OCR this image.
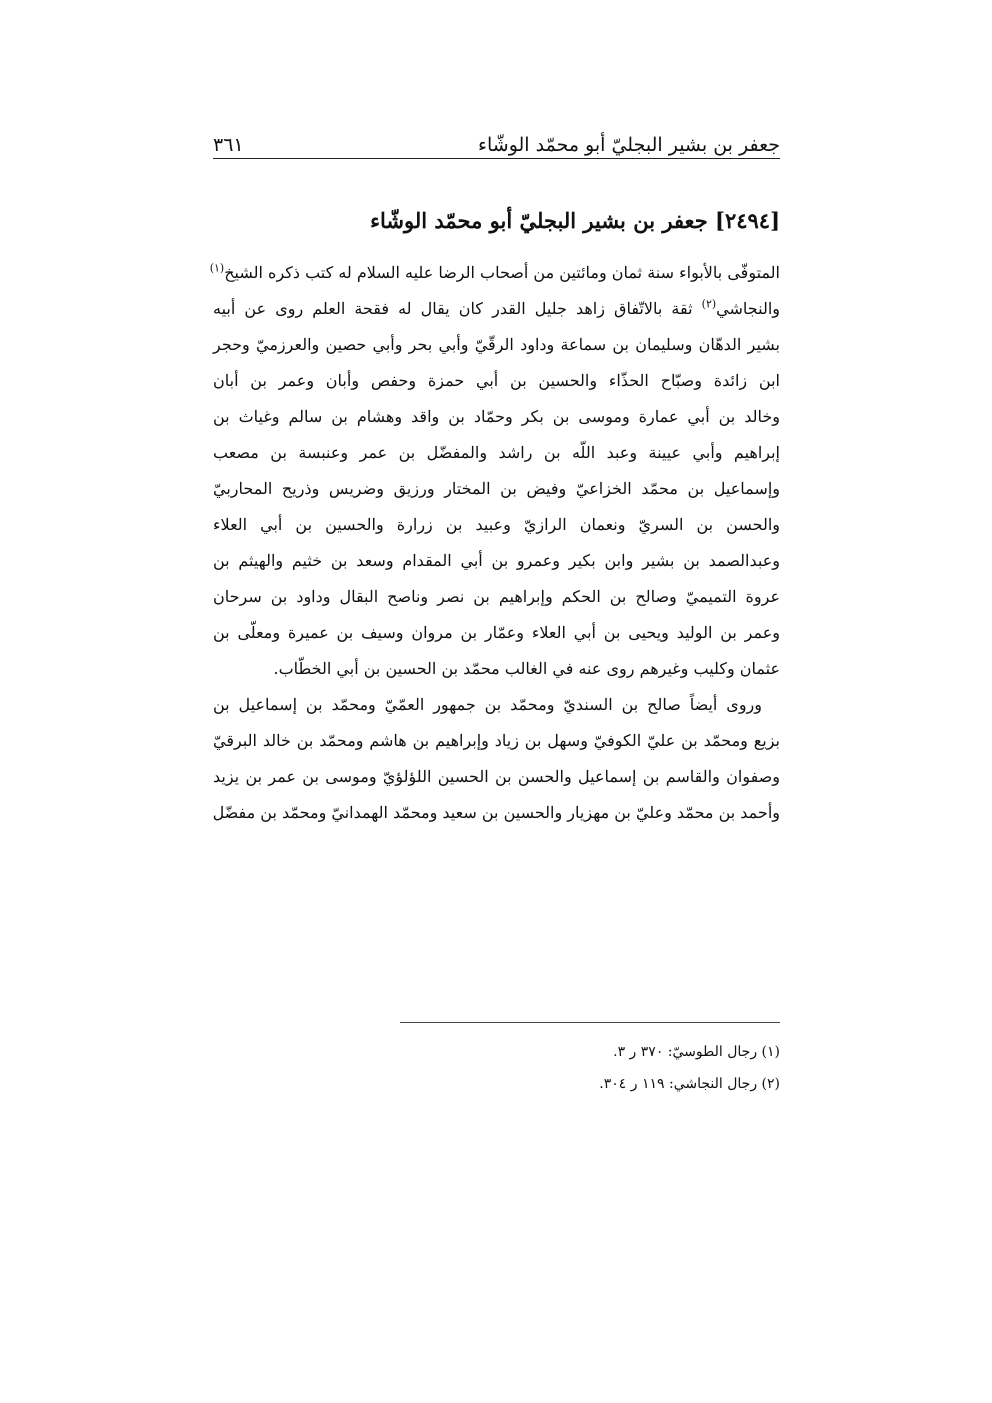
جعفر بن بشير البجليّ أبو محمّد الوشّاء
٣٦١
[٢٤٩٤] جعفر بن بشير البجليّ أبو محمّد الوشّاء
المتوفّى بالأبواء سنة ثمان ومائتين من أصحاب الرضا عليه السلام له كتب ذكره الشيخ$^{(١)}$
والنجاشي$^{(٢)}$ ثقة بالاتّفاق زاهد جليل القدر كان يقال له فقحة العلم روى عن أبيه
بشير الدهّان وسليمان بن سماعة وداود الرقّيّ وأبي بحر وأبي حصين والعرزميّ وحجر
ابن زائدة وصبّاح الحذّاء والحسين بن أبي حمزة وحفص وأبان وعمر بن أبان
وخالد بن أبي عمارة وموسى بن بكر وحمّاد بن واقد وهشام بن سالم وغياث بن
إبراهيم وأبي عيينة وعبد اللّه بن راشد والمفضّل بن عمر وعنبسة بن مصعب
وإسماعيل بن محمّد الخزاعيّ وفيض بن المختار ورزيق وضريس وذريح المحاربيّ
والحسن بن السريّ ونعمان الرازيّ وعبيد بن زرارة والحسين بن أبي العلاء
وعبدالصمد بن بشير وابن بكير وعمرو بن أبي المقدام وسعد بن خثيم والهيثم بن
عروة التميميّ وصالح بن الحكم وإبراهيم بن نصر وناصح البقال وداود بن سرحان
وعمر بن الوليد ويحيى بن أبي العلاء وعمّار بن مروان وسيف بن عميرة ومعلّى بن
عثمان وكليب وغيرهم روى عنه في الغالب محمّد بن الحسين بن أبي الخطّاب.
وروى أيضاً صالح بن السنديّ ومحمّد بن جمهور العمّيّ ومحمّد بن إسماعيل بن
بزيع ومحمّد بن عليّ الكوفيّ وسهل بن زياد وإبراهيم بن هاشم ومحمّد بن خالد البرقيّ
وصفوان والقاسم بن إسماعيل والحسن بن الحسين اللؤلؤيّ وموسى بن عمر بن يزيد
وأحمد بن محمّد وعليّ بن مهزيار والحسين بن سعيد ومحمّد الهمدانيّ ومحمّد بن مفضّل
(١) رجال الطوسيّ: ٣٧٠ ر ٣.
(٢) رجال النجاشي: ١١٩ ر ٣٠٤.
